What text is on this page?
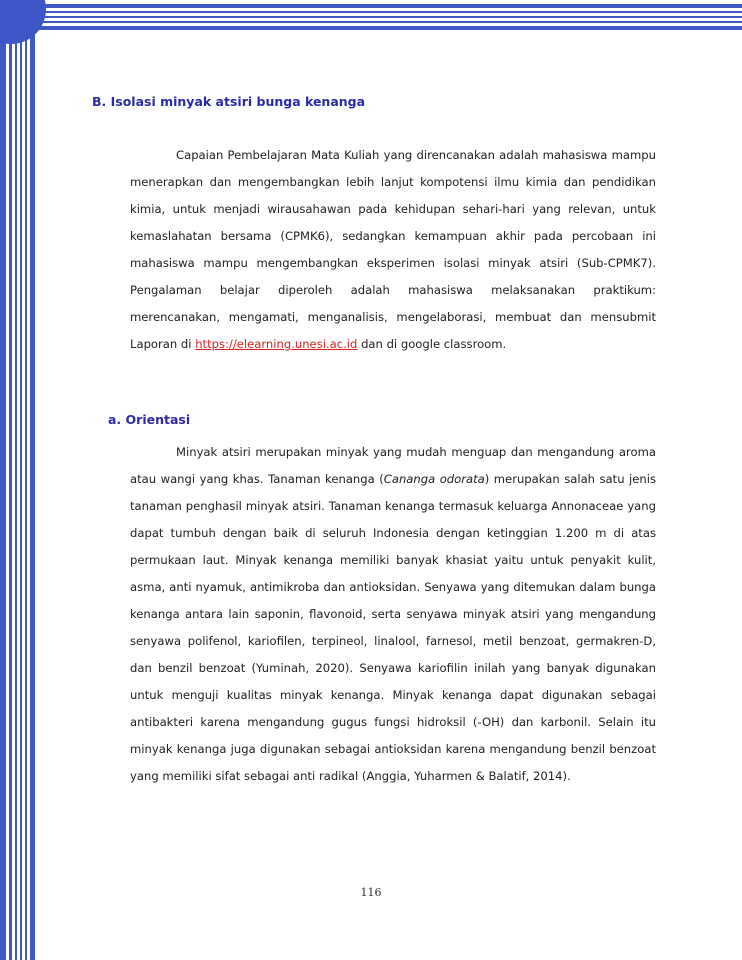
B. Isolasi minyak atsiri bunga kenanga

Capaian Pembelajaran Mata Kuliah yang direncanakan adalah mahasiswa mampu menerapkan dan mengembangkan lebih lanjut kompotensi ilmu kimia dan pendidikan kimia, untuk menjadi wirausahawan pada kehidupan sehari-hari yang relevan, untuk kemaslahatan bersama (CPMK6), sedangkan kemampuan akhir pada percobaan ini mahasiswa mampu mengembangkan eksperimen isolasi minyak atsiri (Sub-CPMK7). Pengalaman belajar diperoleh adalah mahasiswa melaksanakan praktikum: merencanakan, mengamati, menganalisis, mengelaborasi, membuat dan mensubmit Laporan di https://elearning.unesi.ac.id dan di google classroom.

a. Orientasi

Minyak atsiri merupakan minyak yang mudah menguap dan mengandung aroma atau wangi yang khas. Tanaman kenanga (Cananga odorata) merupakan salah satu jenis tanaman penghasil minyak atsiri. Tanaman kenanga termasuk keluarga Annonaceae yang dapat tumbuh dengan baik di seluruh Indonesia dengan ketinggian 1.200 m di atas permukaan laut. Minyak kenanga memiliki banyak khasiat yaitu untuk penyakit kulit, asma, anti nyamuk, antimikroba dan antioksidan. Senyawa yang ditemukan dalam bunga kenanga antara lain saponin, flavonoid, serta senyawa minyak atsiri yang mengandung senyawa polifenol, kariofilen, terpineol, linalool, farnesol, metil benzoat, germakren-D, dan benzil benzoat (Yuminah, 2020). Senyawa kariofilin inilah yang banyak digunakan untuk menguji kualitas minyak kenanga. Minyak kenanga dapat digunakan sebagai antibakteri karena mengandung gugus fungsi hidroksil (-OH) dan karbonil. Selain itu minyak kenanga juga digunakan sebagai antioksidan karena mengandung benzil benzoat yang memiliki sifat sebagai anti radikal (Anggia, Yuharmen & Balatif, 2014).

116
